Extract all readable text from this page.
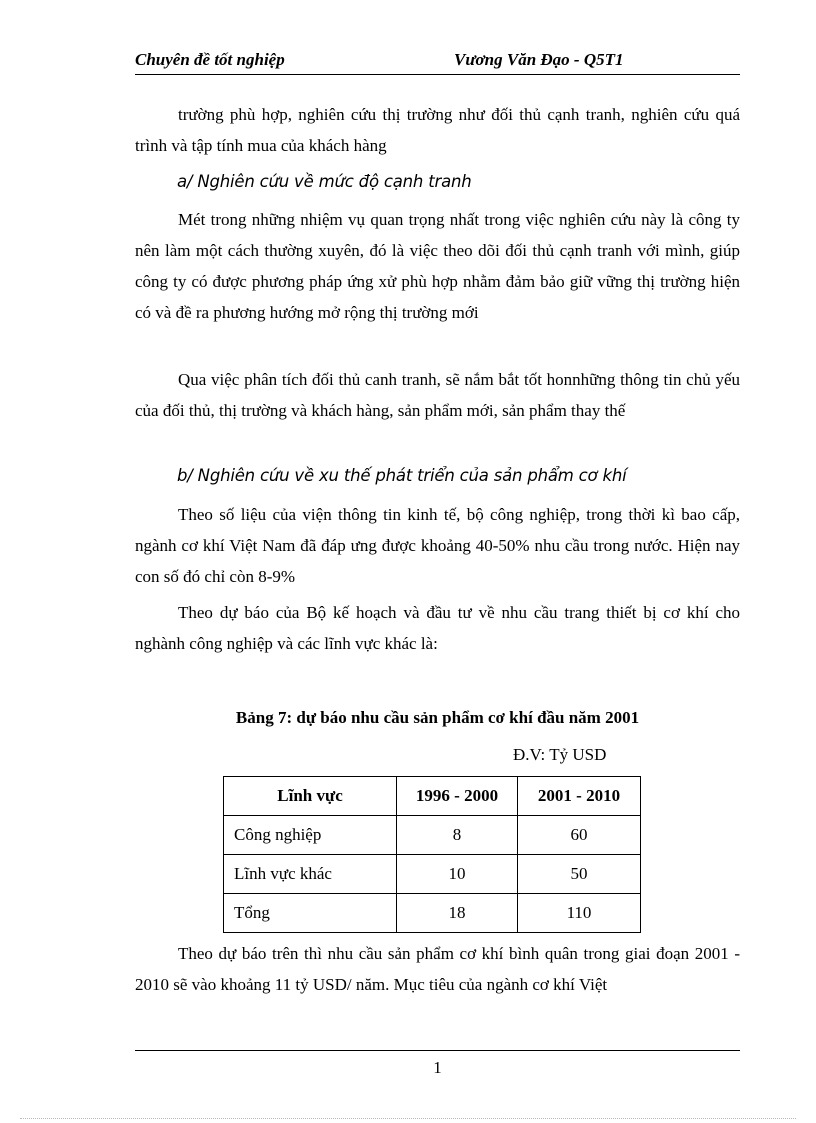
Chuyên đề tốt nghiệp	Vương Văn Đạo - Q5T1
trường phù hợp, nghiên cứu thị trường như đối thủ cạnh tranh, nghiên cứu quá trình và tập tính mua của khách hàng
a/ Nghiên cứu về mức độ cạnh tranh
Mét trong những nhiệm vụ quan trọng nhất trong việc nghiên cứu này là công ty nên làm một cách thường xuyên, đó là việc theo dõi đối thủ cạnh tranh với mình, giúp công ty có được phương pháp ứng xử phù hợp nhằm đảm bảo giữ vững thị trường hiện có và đề ra phương hướng mở rộng thị trường mới
Qua việc phân tích đối thủ canh tranh, sẽ nắm bắt tốt honnhững thông tin chủ yếu của đối thủ, thị trường và khách hàng, sản phẩm mới, sản phẩm thay thế
b/ Nghiên cứu về xu thế phát triển của sản phẩm cơ khí
Theo số liệu của viện thông tin kinh tế, bộ công nghiệp, trong thời kì bao cấp, ngành cơ khí Việt Nam đã đáp ưng được khoảng 40-50% nhu cầu trong nước. Hiện nay con số đó chỉ còn 8-9%
Theo dự báo của Bộ kế hoạch và đầu tư về nhu cầu trang thiết bị cơ khí cho nghành công nghiệp và các lĩnh vực khác là:
Bảng 7: dự báo nhu cầu sản phẩm cơ khí đầu năm 2001
Đ.V: Tỷ USD
Lĩnh vực	1996 - 2000	2001 - 2010
Công nghiệp	8	60
Lĩnh vực khác	10	50
Tổng	18	110
Theo dự báo trên thì nhu cầu sản phẩm cơ khí bình quân trong giai đoạn 2001 - 2010 sẽ vào khoảng 11 tỷ USD/ năm. Mục tiêu của ngành cơ khí Việt
1
